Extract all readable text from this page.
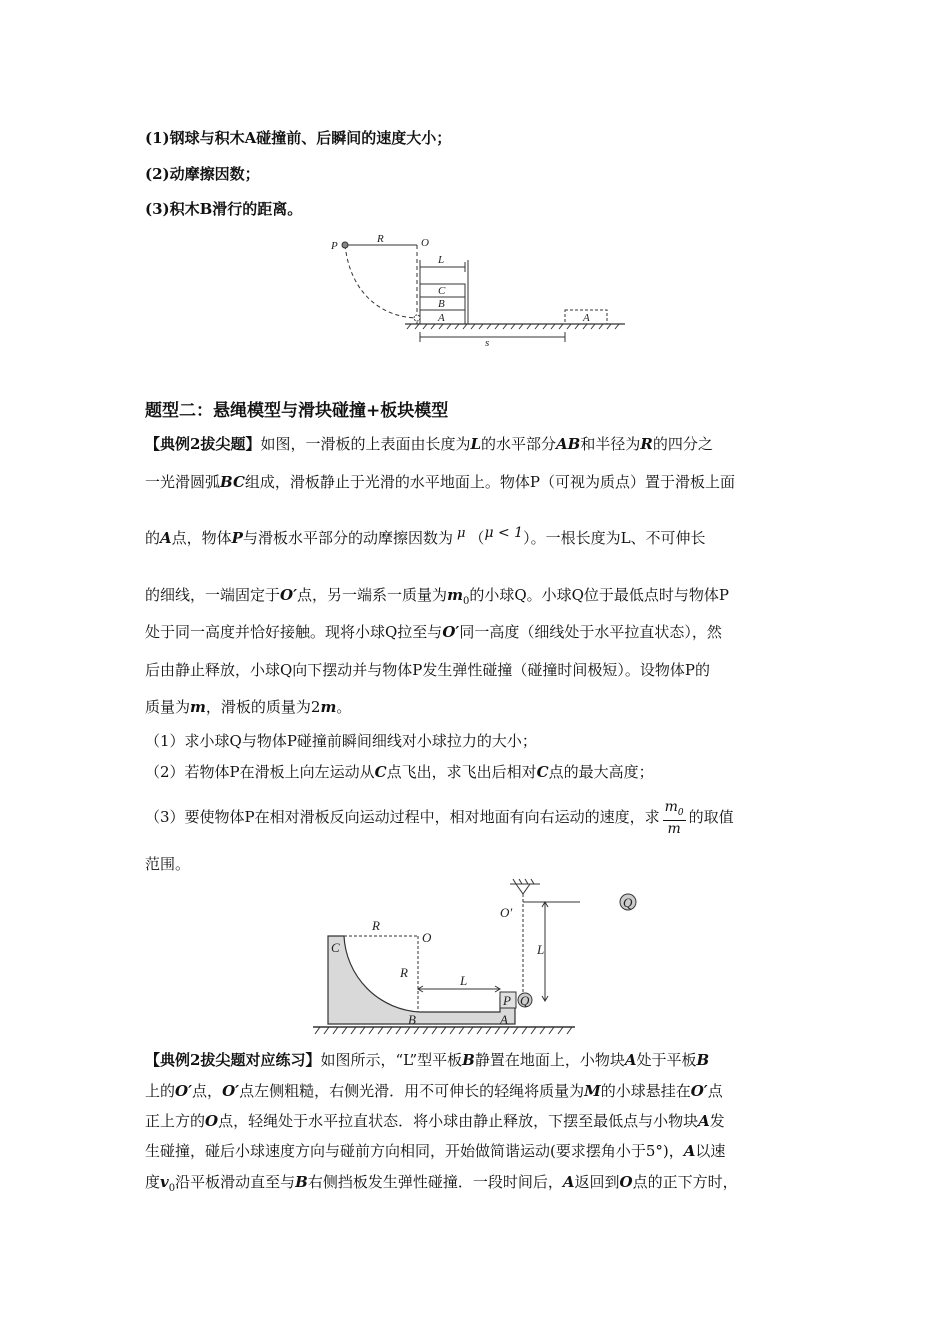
(1)钢球与积木A碰撞前、后瞬间的速度大小；
(2)动摩擦因数；
(3)积木B滑行的距离。
P
R	O
L
C
B
A	A
s
题型二：悬绳模型与滑块碰撞+板块模型
【典例2拔尖题】如图，一滑板的上表面由长度为L的水平部分AB和半径为R的四分之
一光滑圆弧BC组成，滑板静止于光滑的水平地面上。物体P（可视为质点）置于滑板上面
的A点，物体P与滑板水平部分的动摩擦因数为 μ （μ < 1）。一根长度为L、不可伸长
的细线，一端固定于O′点，另一端系一质量为$m_0$的小球Q。小球Q位于最低点时与物体P
处于同一高度并恰好接触。现将小球Q拉至与O′同一高度（细线处于水平拉直状态），然
后由静止释放，小球Q向下摆动并与物体P发生弹性碰撞（碰撞时间极短）。设物体P的
质量为m，滑板的质量为2m。
（1）求小球Q与物体P碰撞前瞬间细线对小球拉力的大小；
（2）若物体P在滑板上向左运动从C点飞出，求飞出后相对C点的最大高度；
（3）要使物体P在相对滑板反向运动过程中，相对地面有向右运动的速度，求 $\frac{m_0}{m}$ 的取值
范围。
R
O
C
R
L
P Q
B	A
O′
L
Q
【典例2拔尖题对应练习】如图所示，“L”型平板B静置在地面上，小物块A处于平板B
上的O′点，O′点左侧粗糙，右侧光滑．用不可伸长的轻绳将质量为M的小球悬挂在O′点
正上方的O点，轻绳处于水平拉直状态．将小球由静止释放，下摆至最低点与小物块A发
生碰撞，碰后小球速度方向与碰前方向相同，开始做简谐运动(要求摆角小于5°)，A以速
度$v_0$沿平板滑动直至与B右侧挡板发生弹性碰撞．一段时间后，A返回到O点的正下方时，
